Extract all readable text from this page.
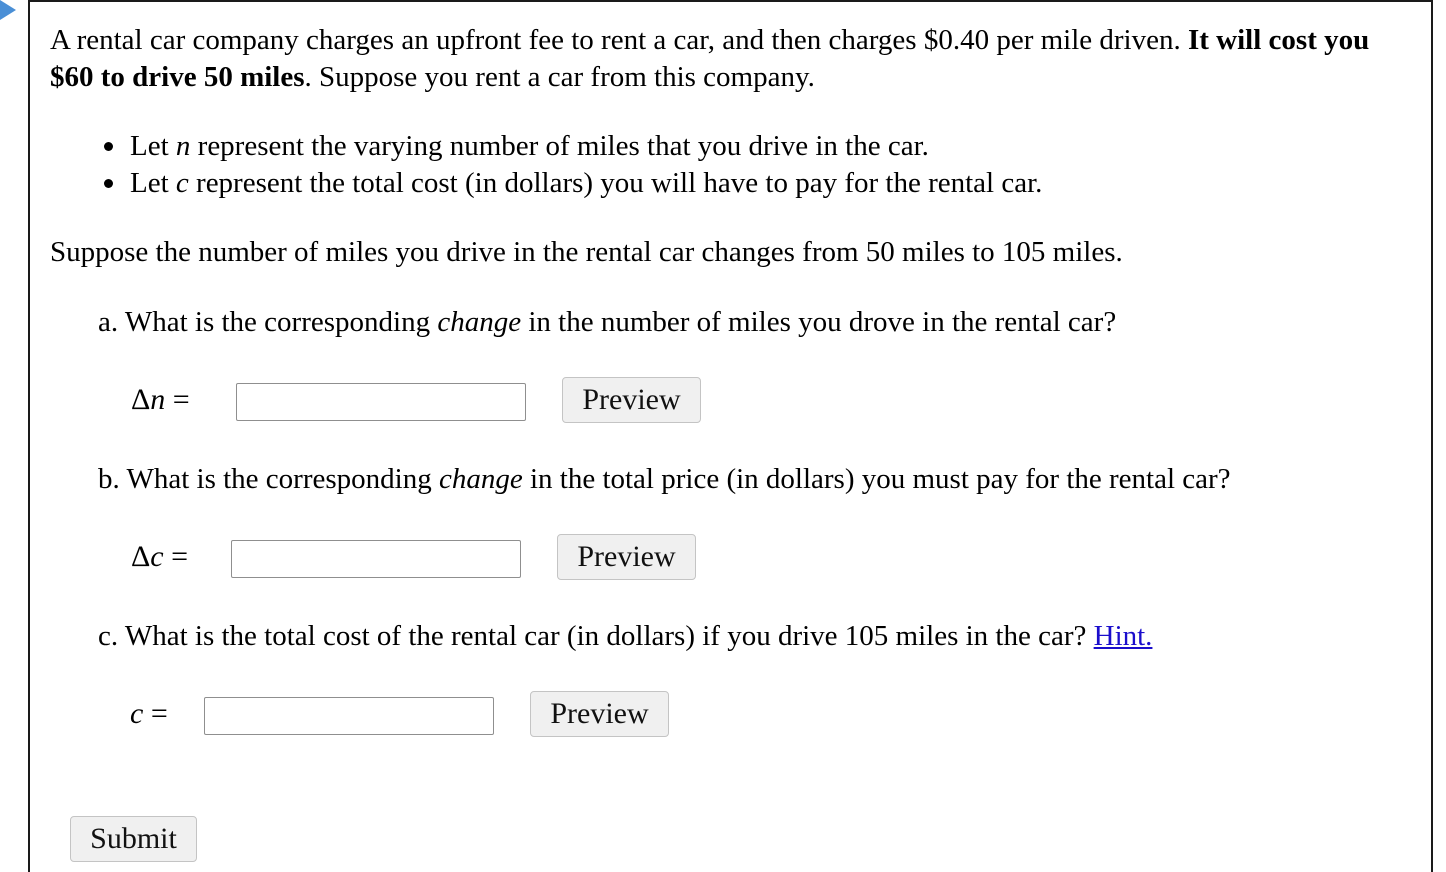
A rental car company charges an upfront fee to rent a car, and then charges $0.40 per mile driven. It will cost you $60 to drive 50 miles. Suppose you rent a car from this company.

Let n represent the varying number of miles that you drive in the car.
Let c represent the total cost (in dollars) you will have to pay for the rental car.

Suppose the number of miles you drive in the rental car changes from 50 miles to 105 miles.

a. What is the corresponding change in the number of miles you drove in the rental car?

Δn =	Preview

b. What is the corresponding change in the total price (in dollars) you must pay for the rental car?

Δc =	Preview

c. What is the total cost of the rental car (in dollars) if you drive 105 miles in the car? Hint.

c =	Preview
Submit
